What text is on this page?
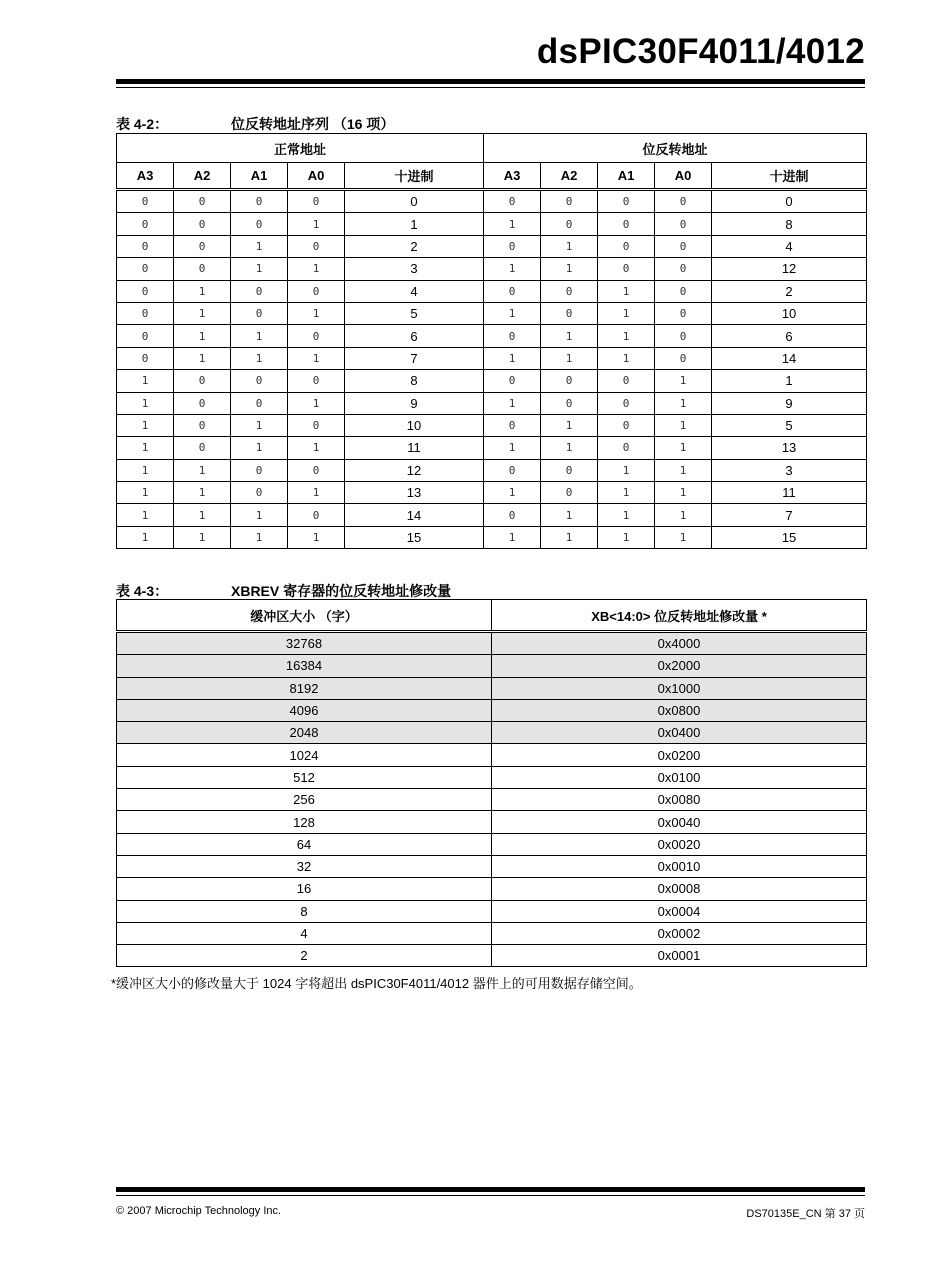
dsPIC30F4011/4012
表 4-2：	位反转地址序列 （16 项）
正常地址					位反转地址				
A3	A2	A1	A0	十进制	A3	A2	A1	A0	十进制
0	0	0	0	0	0	0	0	0	0
0	0	0	1	1	1	0	0	0	8
0	0	1	0	2	0	1	0	0	4
0	0	1	1	3	1	1	0	0	12
0	1	0	0	4	0	0	1	0	2
0	1	0	1	5	1	0	1	0	10
0	1	1	0	6	0	1	1	0	6
0	1	1	1	7	1	1	1	0	14
1	0	0	0	8	0	0	0	1	1
1	0	0	1	9	1	0	0	1	9
1	0	1	0	10	0	1	0	1	5
1	0	1	1	11	1	1	0	1	13
1	1	0	0	12	0	0	1	1	3
1	1	0	1	13	1	0	1	1	11
1	1	1	0	14	0	1	1	1	7
1	1	1	1	15	1	1	1	1	15
表 4-3：	XBREV 寄存器的位反转地址修改量
缓冲区大小 （字）	XB<14:0> 位反转地址修改量 *
32768	0x4000
16384	0x2000
8192	0x1000
4096	0x0800
2048	0x0400
1024	0x0200
512	0x0100
256	0x0080
128	0x0040
64	0x0020
32	0x0010
16	0x0008
8	0x0004
4	0x0002
2	0x0001
*缓冲区大小的修改量大于 1024 字将超出 dsPIC30F4011/4012 器件上的可用数据存储空间。
© 2007 Microchip Technology Inc.	DS70135E_CN 第 37 页
